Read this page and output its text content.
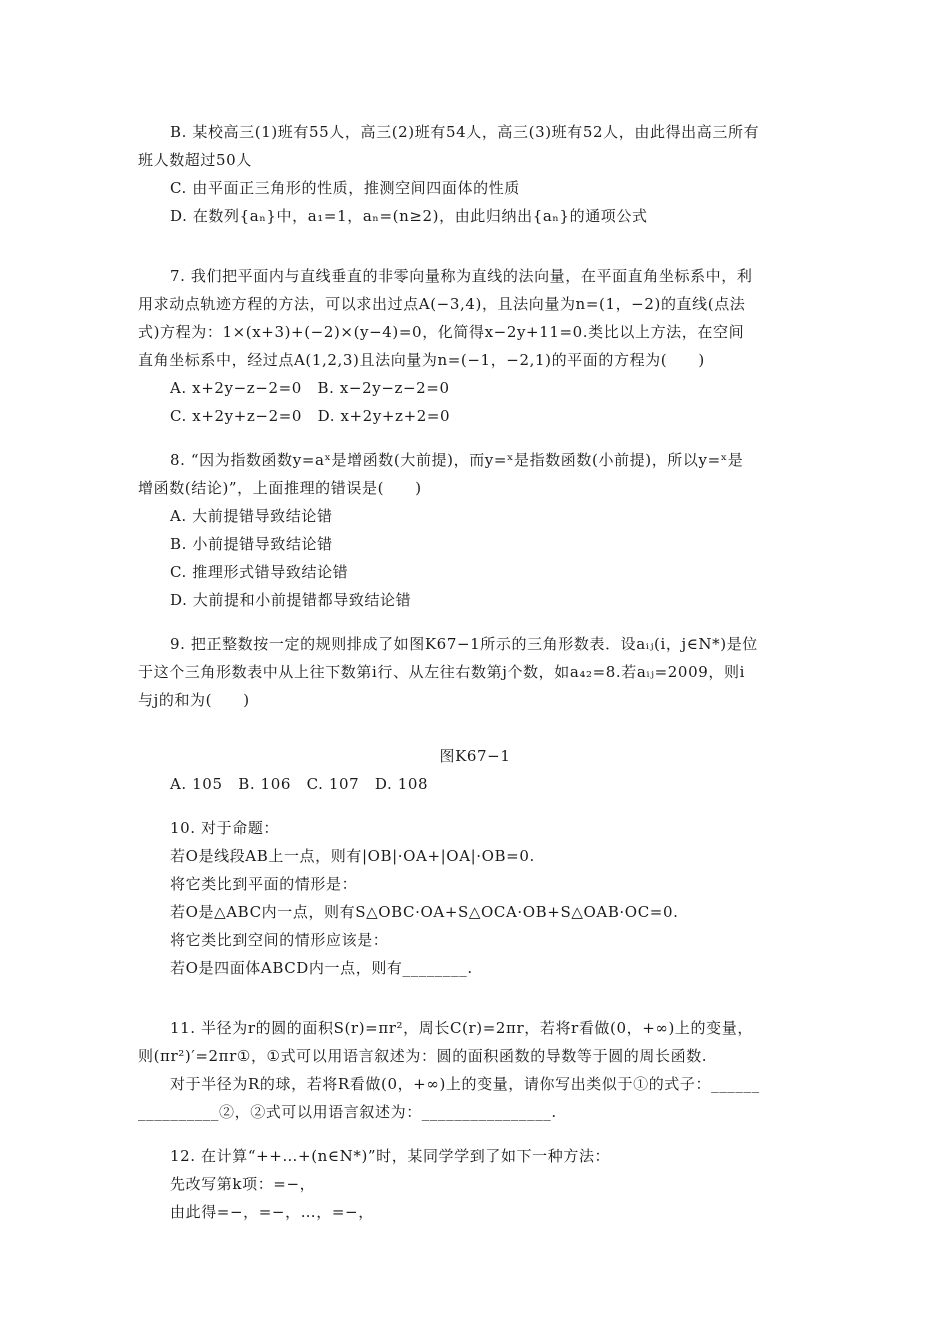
B. 某校高三(1)班有55人，高三(2)班有54人，高三(3)班有52人，由此得出高三所有
班人数超过50人
C. 由平面正三角形的性质，推测空间四面体的性质
D. 在数列{aₙ}中，a₁=1，aₙ=(n≥2)，由此归纳出{aₙ}的通项公式
7. 我们把平面内与直线垂直的非零向量称为直线的法向量，在平面直角坐标系中，利
用求动点轨迹方程的方法，可以求出过点A(−3,4)，且法向量为n=(1，−2)的直线(点法
式)方程为：1×(x+3)+(−2)×(y−4)=0，化简得x−2y+11=0.类比以上方法，在空间
直角坐标系中，经过点A(1,2,3)且法向量为n=(−1，−2,1)的平面的方程为(　　)
A. x+2y−z−2=0　B. x−2y−z−2=0
C. x+2y+z−2=0　D. x+2y+z+2=0
8. “因为指数函数y=aˣ是增函数(大前提)，而y=ˣ是指数函数(小前提)，所以y=ˣ是
增函数(结论)”，上面推理的错误是(　　)
A. 大前提错导致结论错
B. 小前提错导致结论错
C. 推理形式错导致结论错
D. 大前提和小前提错都导致结论错
9. 把正整数按一定的规则排成了如图K67−1所示的三角形数表．设aᵢⱼ(i，j∈N*)是位
于这个三角形数表中从上往下数第i行、从左往右数第j个数，如a₄₂=8.若aᵢⱼ=2009，则i
与j的和为(　　)
图K67−1
A. 105　B. 106　C. 107　D. 108
10. 对于命题：
若O是线段AB上一点，则有|OB|·OA+|OA|·OB=0.
将它类比到平面的情形是：
若O是△ABC内一点，则有S△OBC·OA+S△OCA·OB+S△OAB·OC=0.
将它类比到空间的情形应该是：
若O是四面体ABCD内一点，则有________.
11. 半径为r的圆的面积S(r)=πr²，周长C(r)=2πr，若将r看做(0，+∞)上的变量，
则(πr²)′=2πr①，①式可以用语言叙述为：圆的面积函数的导数等于圆的周长函数.
对于半径为R的球，若将R看做(0，+∞)上的变量，请你写出类似于①的式子：______
__________②，②式可以用语言叙述为：________________.
12. 在计算“++…+(n∈N*)”时，某同学学到了如下一种方法：
先改写第k项：=−，
由此得=−，=−，…，=−，
